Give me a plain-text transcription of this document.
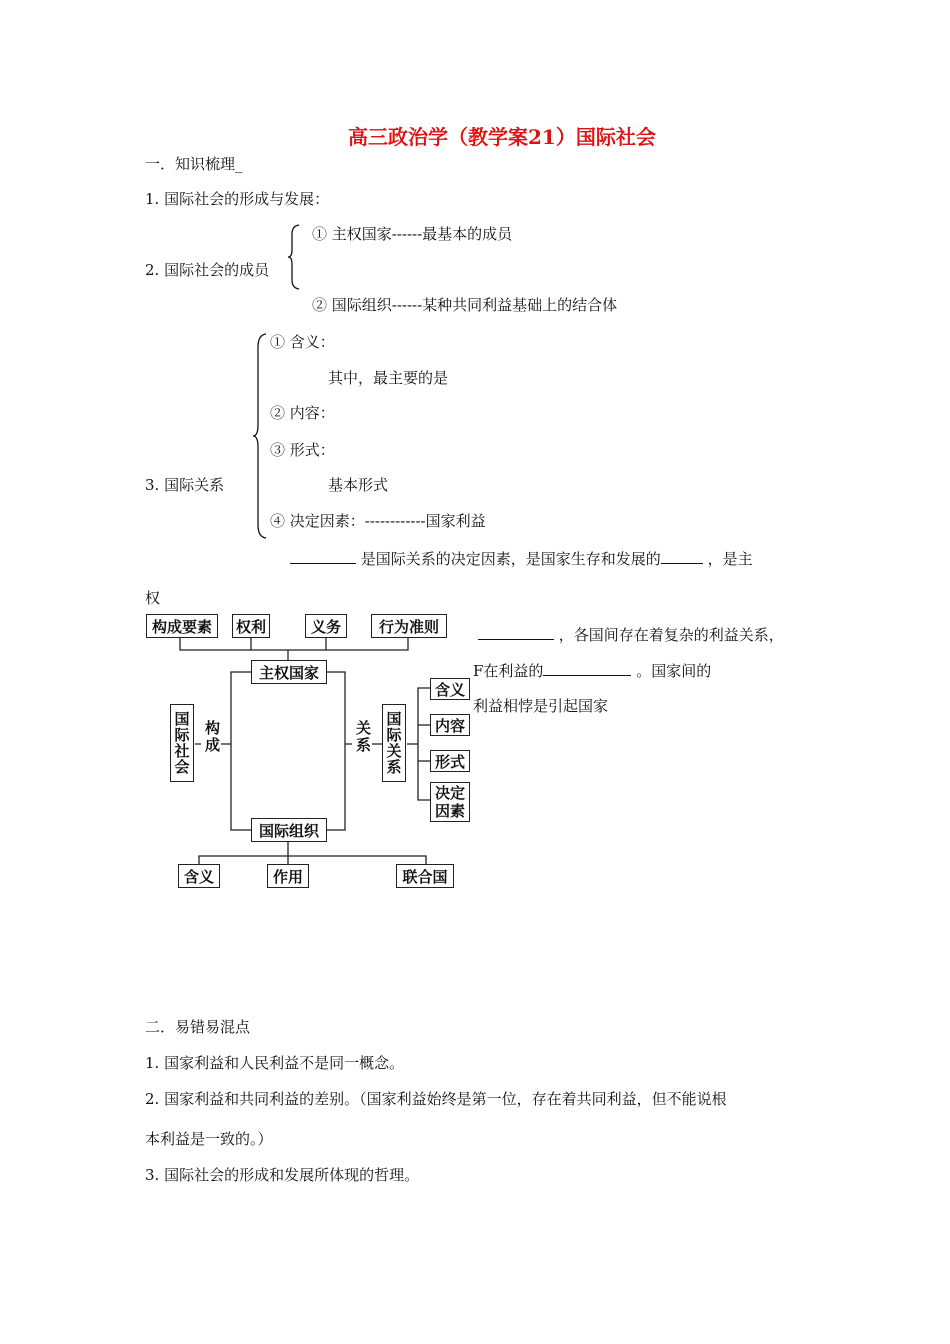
高三政治学（教学案21）国际社会
一．知识梳理_
1. 国际社会的形成与发展：
2. 国际社会的成员
① 主权国家------最基本的成员
② 国际组织------某种共同利益基础上的结合体
① 含义：
其中，最主要的是
② 内容：
③ 形式：
3. 国际关系	基本形式
④ 决定因素：------------国家利益
是国际关系的决定因素，是国家生存和发展的	，是主
权
，各国间存在着复杂的利益关系，
F在利益的	。国家间的
利益相悖是引起国家
构成要素	权利	义务	行为准则
主权国家
国际社会 构成	关系 国际关系
含义
内容
形式
决定因素
国际组织
含义	作用	联合国
二．易错易混点
1. 国家利益和人民利益不是同一概念。
2. 国家利益和共同利益的差别。（国家利益始终是第一位，存在着共同利益，但不能说根
本利益是一致的。）
3. 国际社会的形成和发展所体现的哲理。
